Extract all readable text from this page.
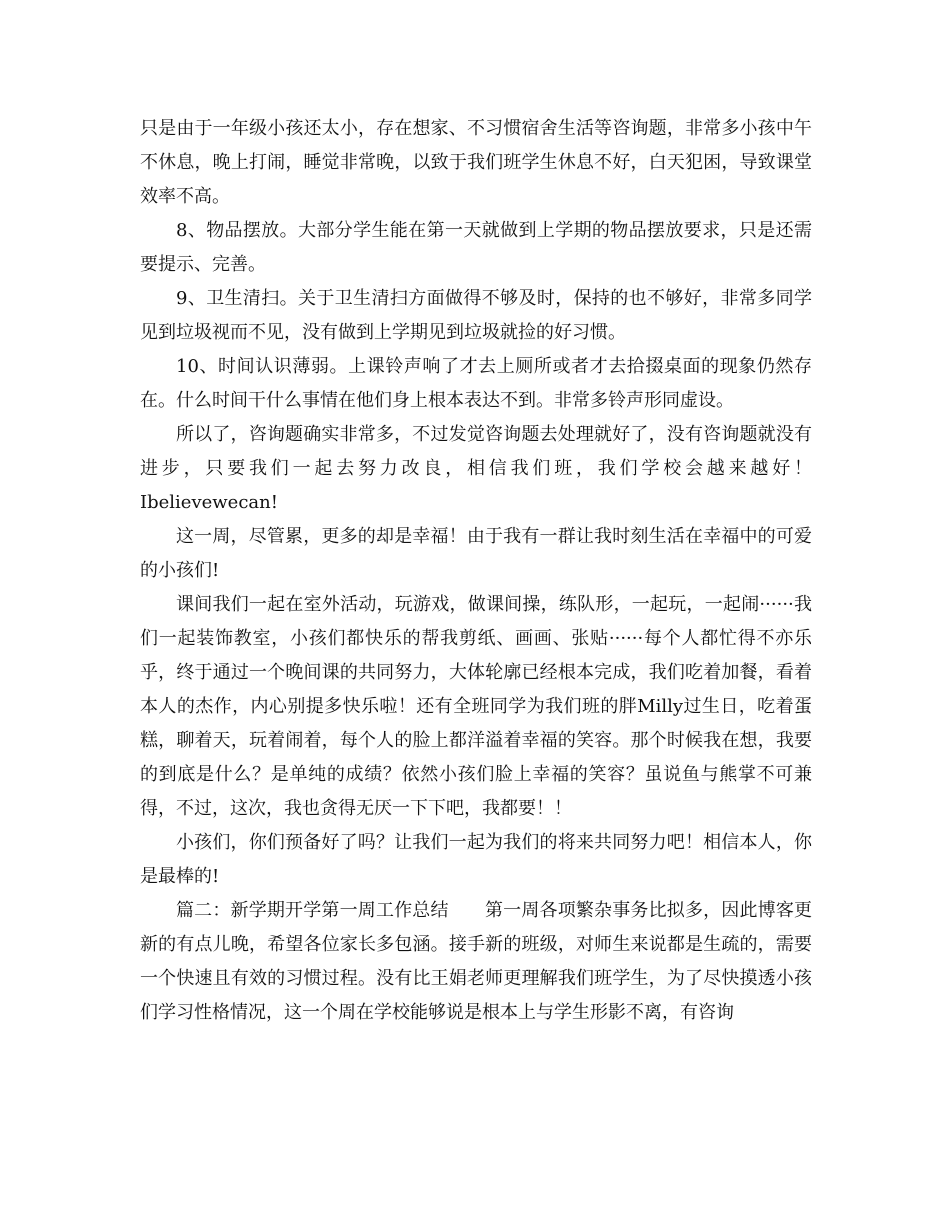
只是由于一年级小孩还太小，存在想家、不习惯宿舍生活等咨询题，非常多小孩中午不休息，晚上打闹，睡觉非常晚，以致于我们班学生休息不好，白天犯困，导致课堂效率不高。

8、物品摆放。大部分学生能在第一天就做到上学期的物品摆放要求，只是还需要提示、完善。

9、卫生清扫。关于卫生清扫方面做得不够及时，保持的也不够好，非常多同学见到垃圾视而不见，没有做到上学期见到垃圾就捡的好习惯。

10、时间认识薄弱。上课铃声响了才去上厕所或者才去拾掇桌面的现象仍然存在。什么时间干什么事情在他们身上根本表达不到。非常多铃声形同虚设。

所以了，咨询题确实非常多，不过发觉咨询题去处理就好了，没有咨询题就没有进步，只要我们一起去努力改良，相信我们班，我们学校会越来越好！Ibelievewecan!

这一周，尽管累，更多的却是幸福！由于我有一群让我时刻生活在幸福中的可爱的小孩们!

课间我们一起在室外活动，玩游戏，做课间操，练队形，一起玩，一起闹······我们一起装饰教室，小孩们都快乐的帮我剪纸、画画、张贴······每个人都忙得不亦乐乎，终于通过一个晚间课的共同努力，大体轮廓已经根本完成，我们吃着加餐，看着本人的杰作，内心别提多快乐啦！还有全班同学为我们班的胖Milly过生日，吃着蛋糕，聊着天，玩着闹着，每个人的脸上都洋溢着幸福的笑容。那个时候我在想，我要的到底是什么？是单纯的成绩？依然小孩们脸上幸福的笑容？虽说鱼与熊掌不可兼得，不过，这次，我也贪得无厌一下下吧，我都要！！

小孩们，你们预备好了吗？让我们一起为我们的将来共同努力吧！相信本人，你是最棒的!

篇二：新学期开学第一周工作总结　　第一周各项繁杂事务比拟多，因此博客更新的有点儿晚，希望各位家长多包涵。接手新的班级，对师生来说都是生疏的，需要一个快速且有效的习惯过程。没有比王娟老师更理解我们班学生，为了尽快摸透小孩们学习性格情况，这一个周在学校能够说是根本上与学生形影不离，有咨询
